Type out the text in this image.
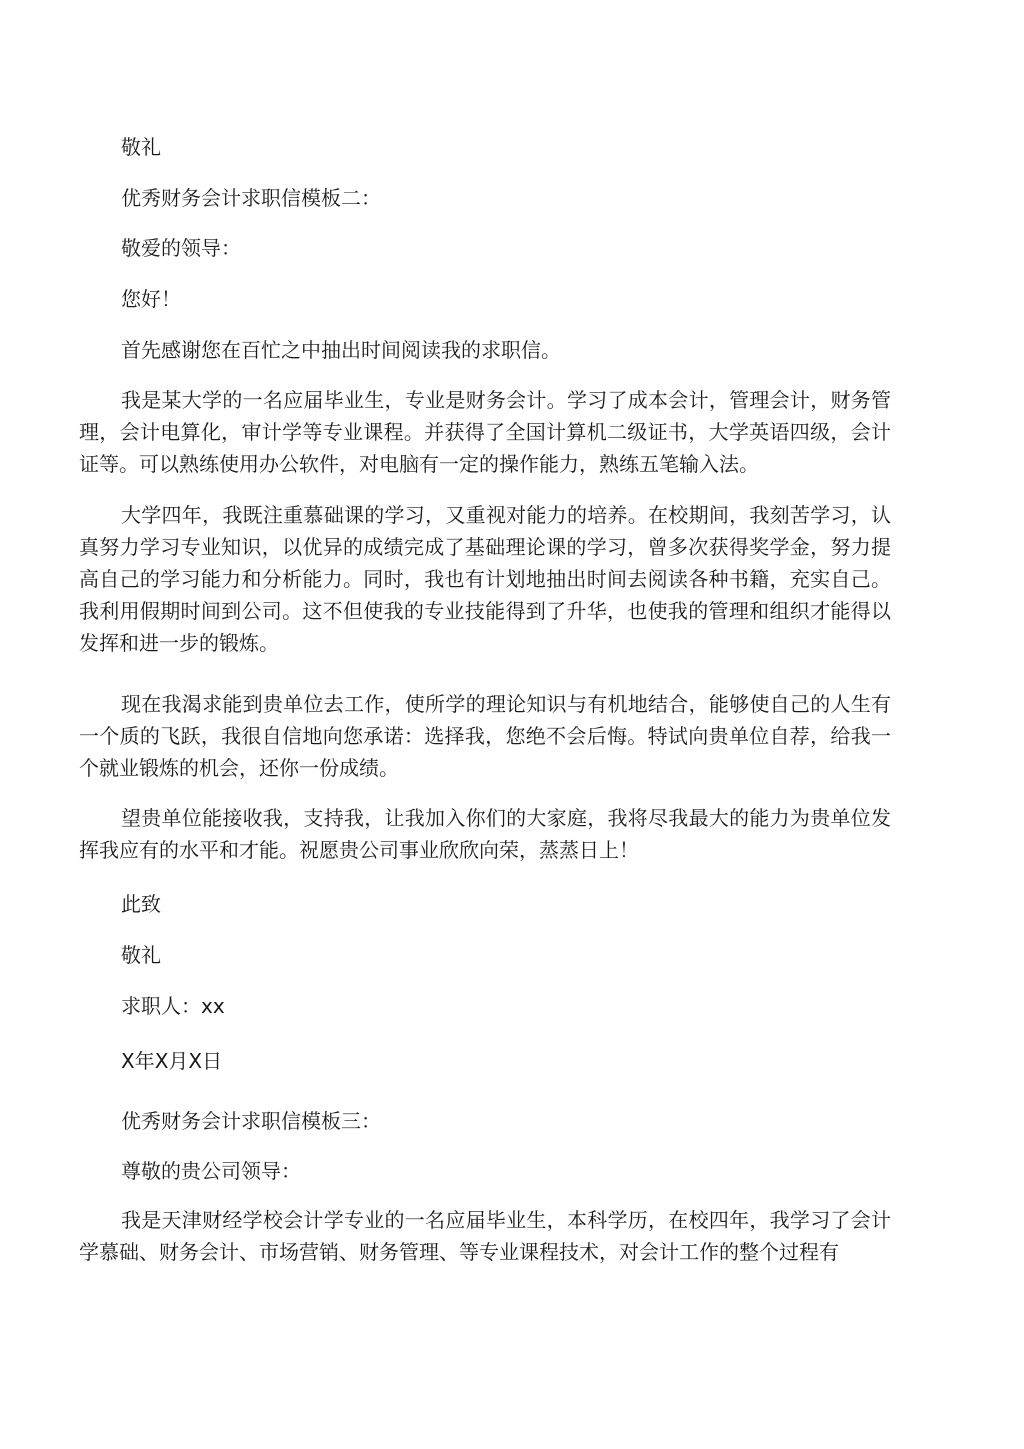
敬礼
优秀财务会计求职信模板二：
敬爱的领导：
您好！
首先感谢您在百忙之中抽出时间阅读我的求职信。
我是某大学的一名应届毕业生，专业是财务会计。学习了成本会计，管理会计，财务管理，会计电算化，审计学等专业课程。并获得了全国计算机二级证书，大学英语四级，会计证等。可以熟练使用办公软件，对电脑有一定的操作能力，熟练五笔输入法。
大学四年，我既注重慕础课的学习，又重视对能力的培养。在校期间，我刻苦学习，认真努力学习专业知识，以优异的成绩完成了基础理论课的学习，曾多次获得奖学金，努力提高自己的学习能力和分析能力。同时，我也有计划地抽出时间去阅读各种书籍，充实自己。我利用假期时间到公司。这不但使我的专业技能得到了升华，也使我的管理和组织才能得以发挥和进一步的锻炼。
现在我渴求能到贵单位去工作，使所学的理论知识与有机地结合，能够使自己的人生有一个质的飞跃，我很自信地向您承诺：选择我，您绝不会后悔。特试向贵单位自荐，给我一个就业锻炼的机会，还你一份成绩。
望贵单位能接收我，支持我，让我加入你们的大家庭，我将尽我最大的能力为贵单位发挥我应有的水平和才能。祝愿贵公司事业欣欣向荣，蒸蒸日上！
此致
敬礼
求职人：xx
X年X月X日
优秀财务会计求职信模板三：
尊敬的贵公司领导：
我是天津财经学校会计学专业的一名应届毕业生，本科学历，在校四年，我学习了会计学慕础、财务会计、市场营销、财务管理、等专业课程技术，对会计工作的整个过程有
